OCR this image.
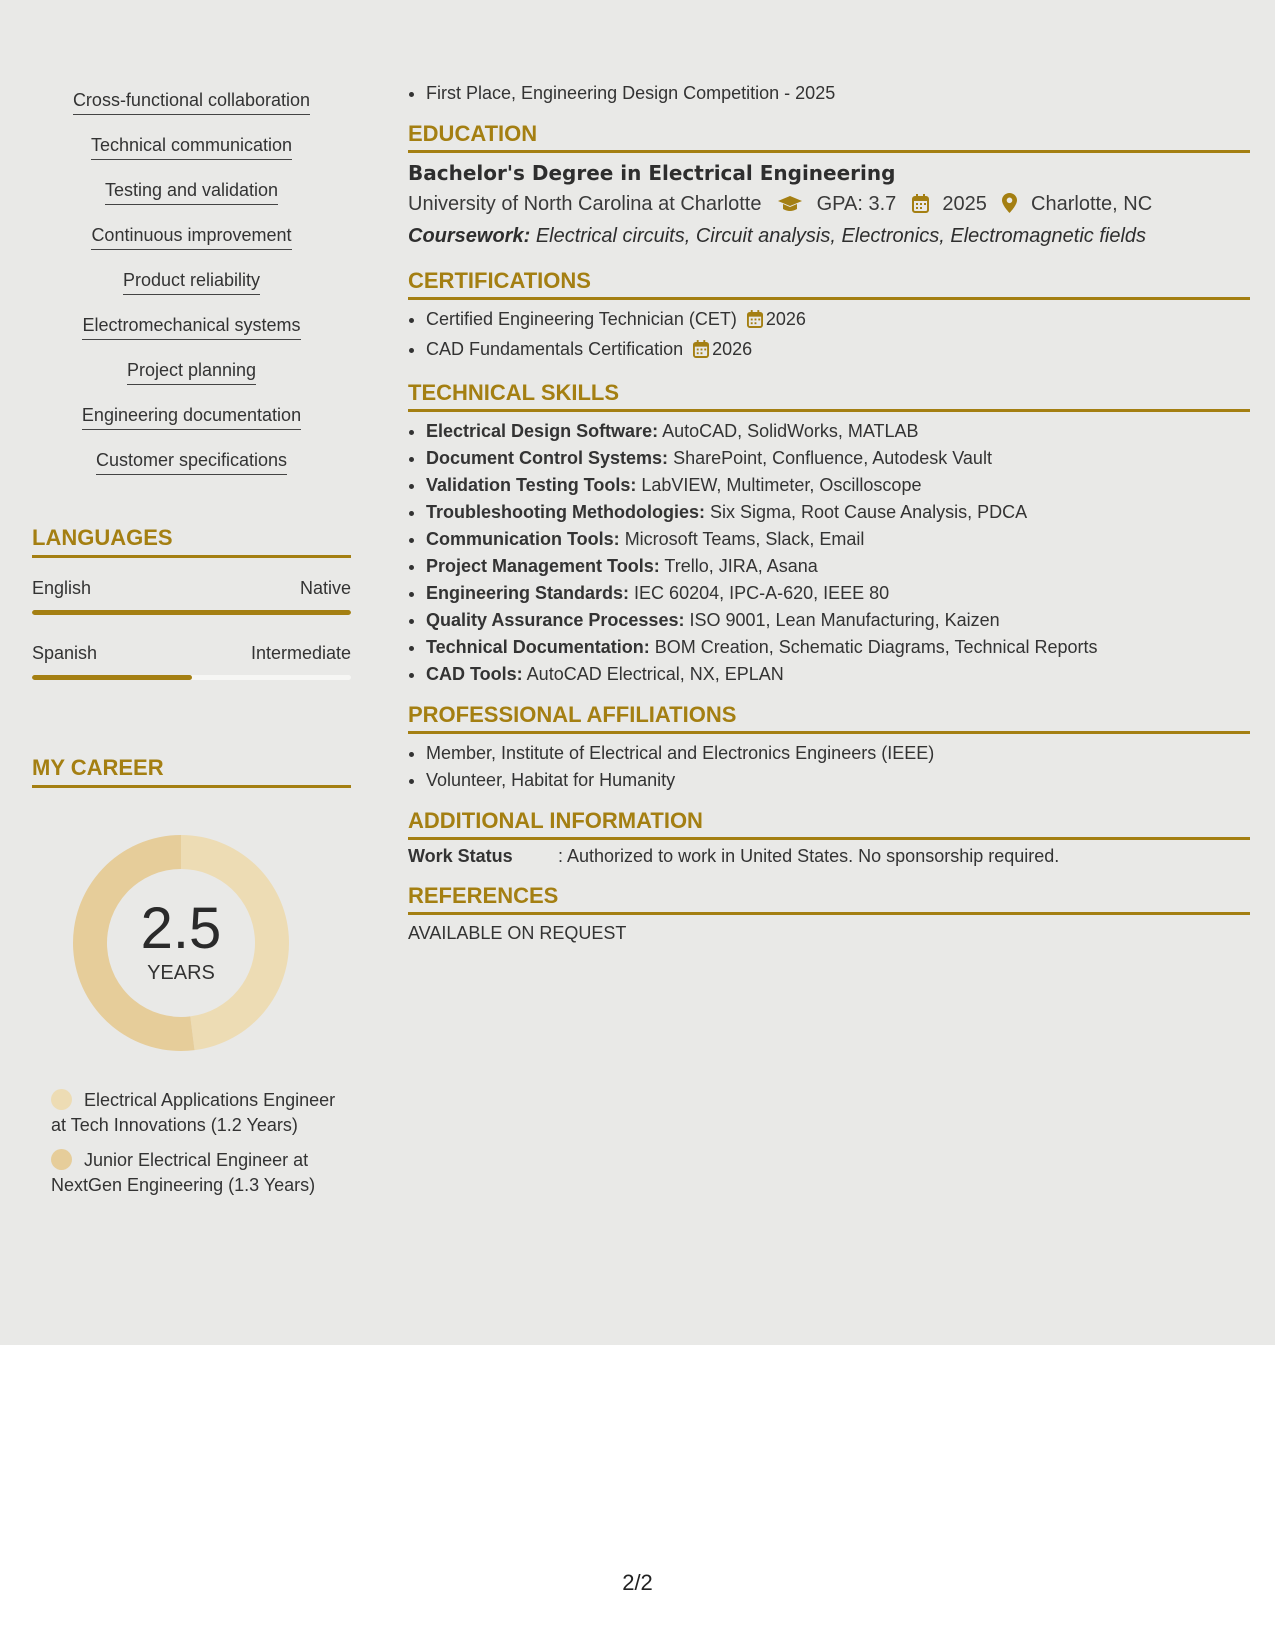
Cross-functional collaboration
Technical communication
Testing and validation
Continuous improvement
Product reliability
Electromechanical systems
Project planning
Engineering documentation
Customer specifications
LANGUAGES
English	Native
Spanish	Intermediate
MY CAREER
2.5
YEARS
Electrical Applications Engineer at Tech Innovations (1.2 Years)
Junior Electrical Engineer at NextGen Engineering (1.3 Years)
• First Place, Engineering Design Competition - 2025
EDUCATION
Bachelor's Degree in Electrical Engineering
University of North Carolina at Charlotte	GPA: 3.7 2025 Charlotte, NC
Coursework: Electrical circuits, Circuit analysis, Electronics, Electromagnetic fields
CERTIFICATIONS
• Certified Engineering Technician (CET) 2026
• CAD Fundamentals Certification 2026
TECHNICAL SKILLS
• Electrical Design Software: AutoCAD, SolidWorks, MATLAB
• Document Control Systems: SharePoint, Confluence, Autodesk Vault
• Validation Testing Tools: LabVIEW, Multimeter, Oscilloscope
• Troubleshooting Methodologies: Six Sigma, Root Cause Analysis, PDCA
• Communication Tools: Microsoft Teams, Slack, Email
• Project Management Tools: Trello, JIRA, Asana
• Engineering Standards: IEC 60204, IPC-A-620, IEEE 80
• Quality Assurance Processes: ISO 9001, Lean Manufacturing, Kaizen
• Technical Documentation: BOM Creation, Schematic Diagrams, Technical Reports
• CAD Tools: AutoCAD Electrical, NX, EPLAN
PROFESSIONAL AFFILIATIONS
• Member, Institute of Electrical and Electronics Engineers (IEEE)
• Volunteer, Habitat for Humanity
ADDITIONAL INFORMATION
Work Status	: Authorized to work in United States. No sponsorship required.
REFERENCES
AVAILABLE ON REQUEST
2/2
